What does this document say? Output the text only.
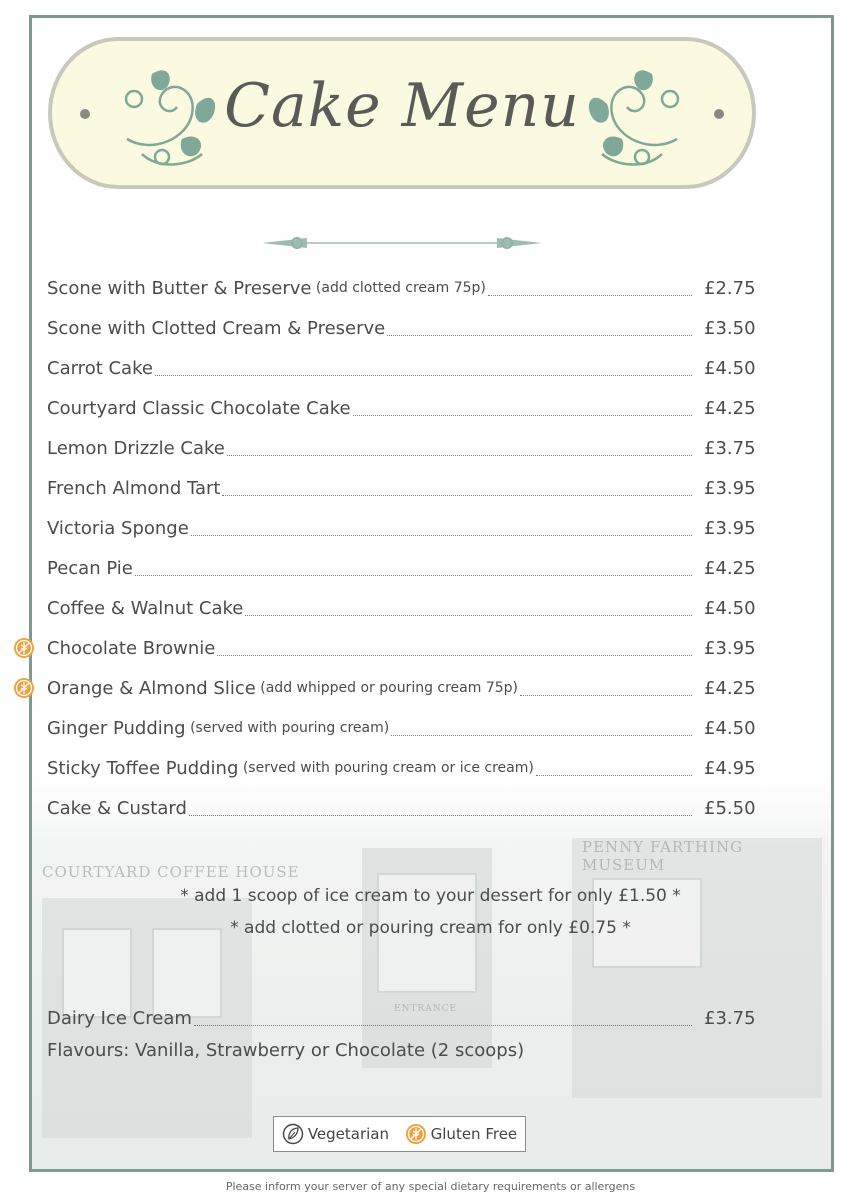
COURTYARD COFFEE HOUSE
PENNY FARTHING MUSEUM
ENTRANCE
Cake Menu
Scone with Butter & Preserve (add clotted cream 75p)	£2.75
Scone with Clotted Cream & Preserve	£3.50
Carrot Cake	£4.50
Courtyard Classic Chocolate Cake	£4.25
Lemon Drizzle Cake	£3.75
French Almond Tart	£3.95
Victoria Sponge	£3.95
Pecan Pie	£4.25
Coffee & Walnut Cake	£4.50
Chocolate Brownie	£3.95
Orange & Almond Slice (add whipped or pouring cream 75p)	£4.25
Ginger Pudding (served with pouring cream)	£4.50
Sticky Toffee Pudding (served with pouring cream or ice cream)	£4.95
Cake & Custard	£5.50
* add 1 scoop of ice cream to your dessert for only £1.50 *
* add clotted or pouring cream for only £0.75 *
Dairy Ice Cream	£3.75
Flavours: Vanilla, Strawberry or Chocolate (2 scoops)
Vegetarian	Gluten Free
Please inform your server of any special dietary requirements or allergens
